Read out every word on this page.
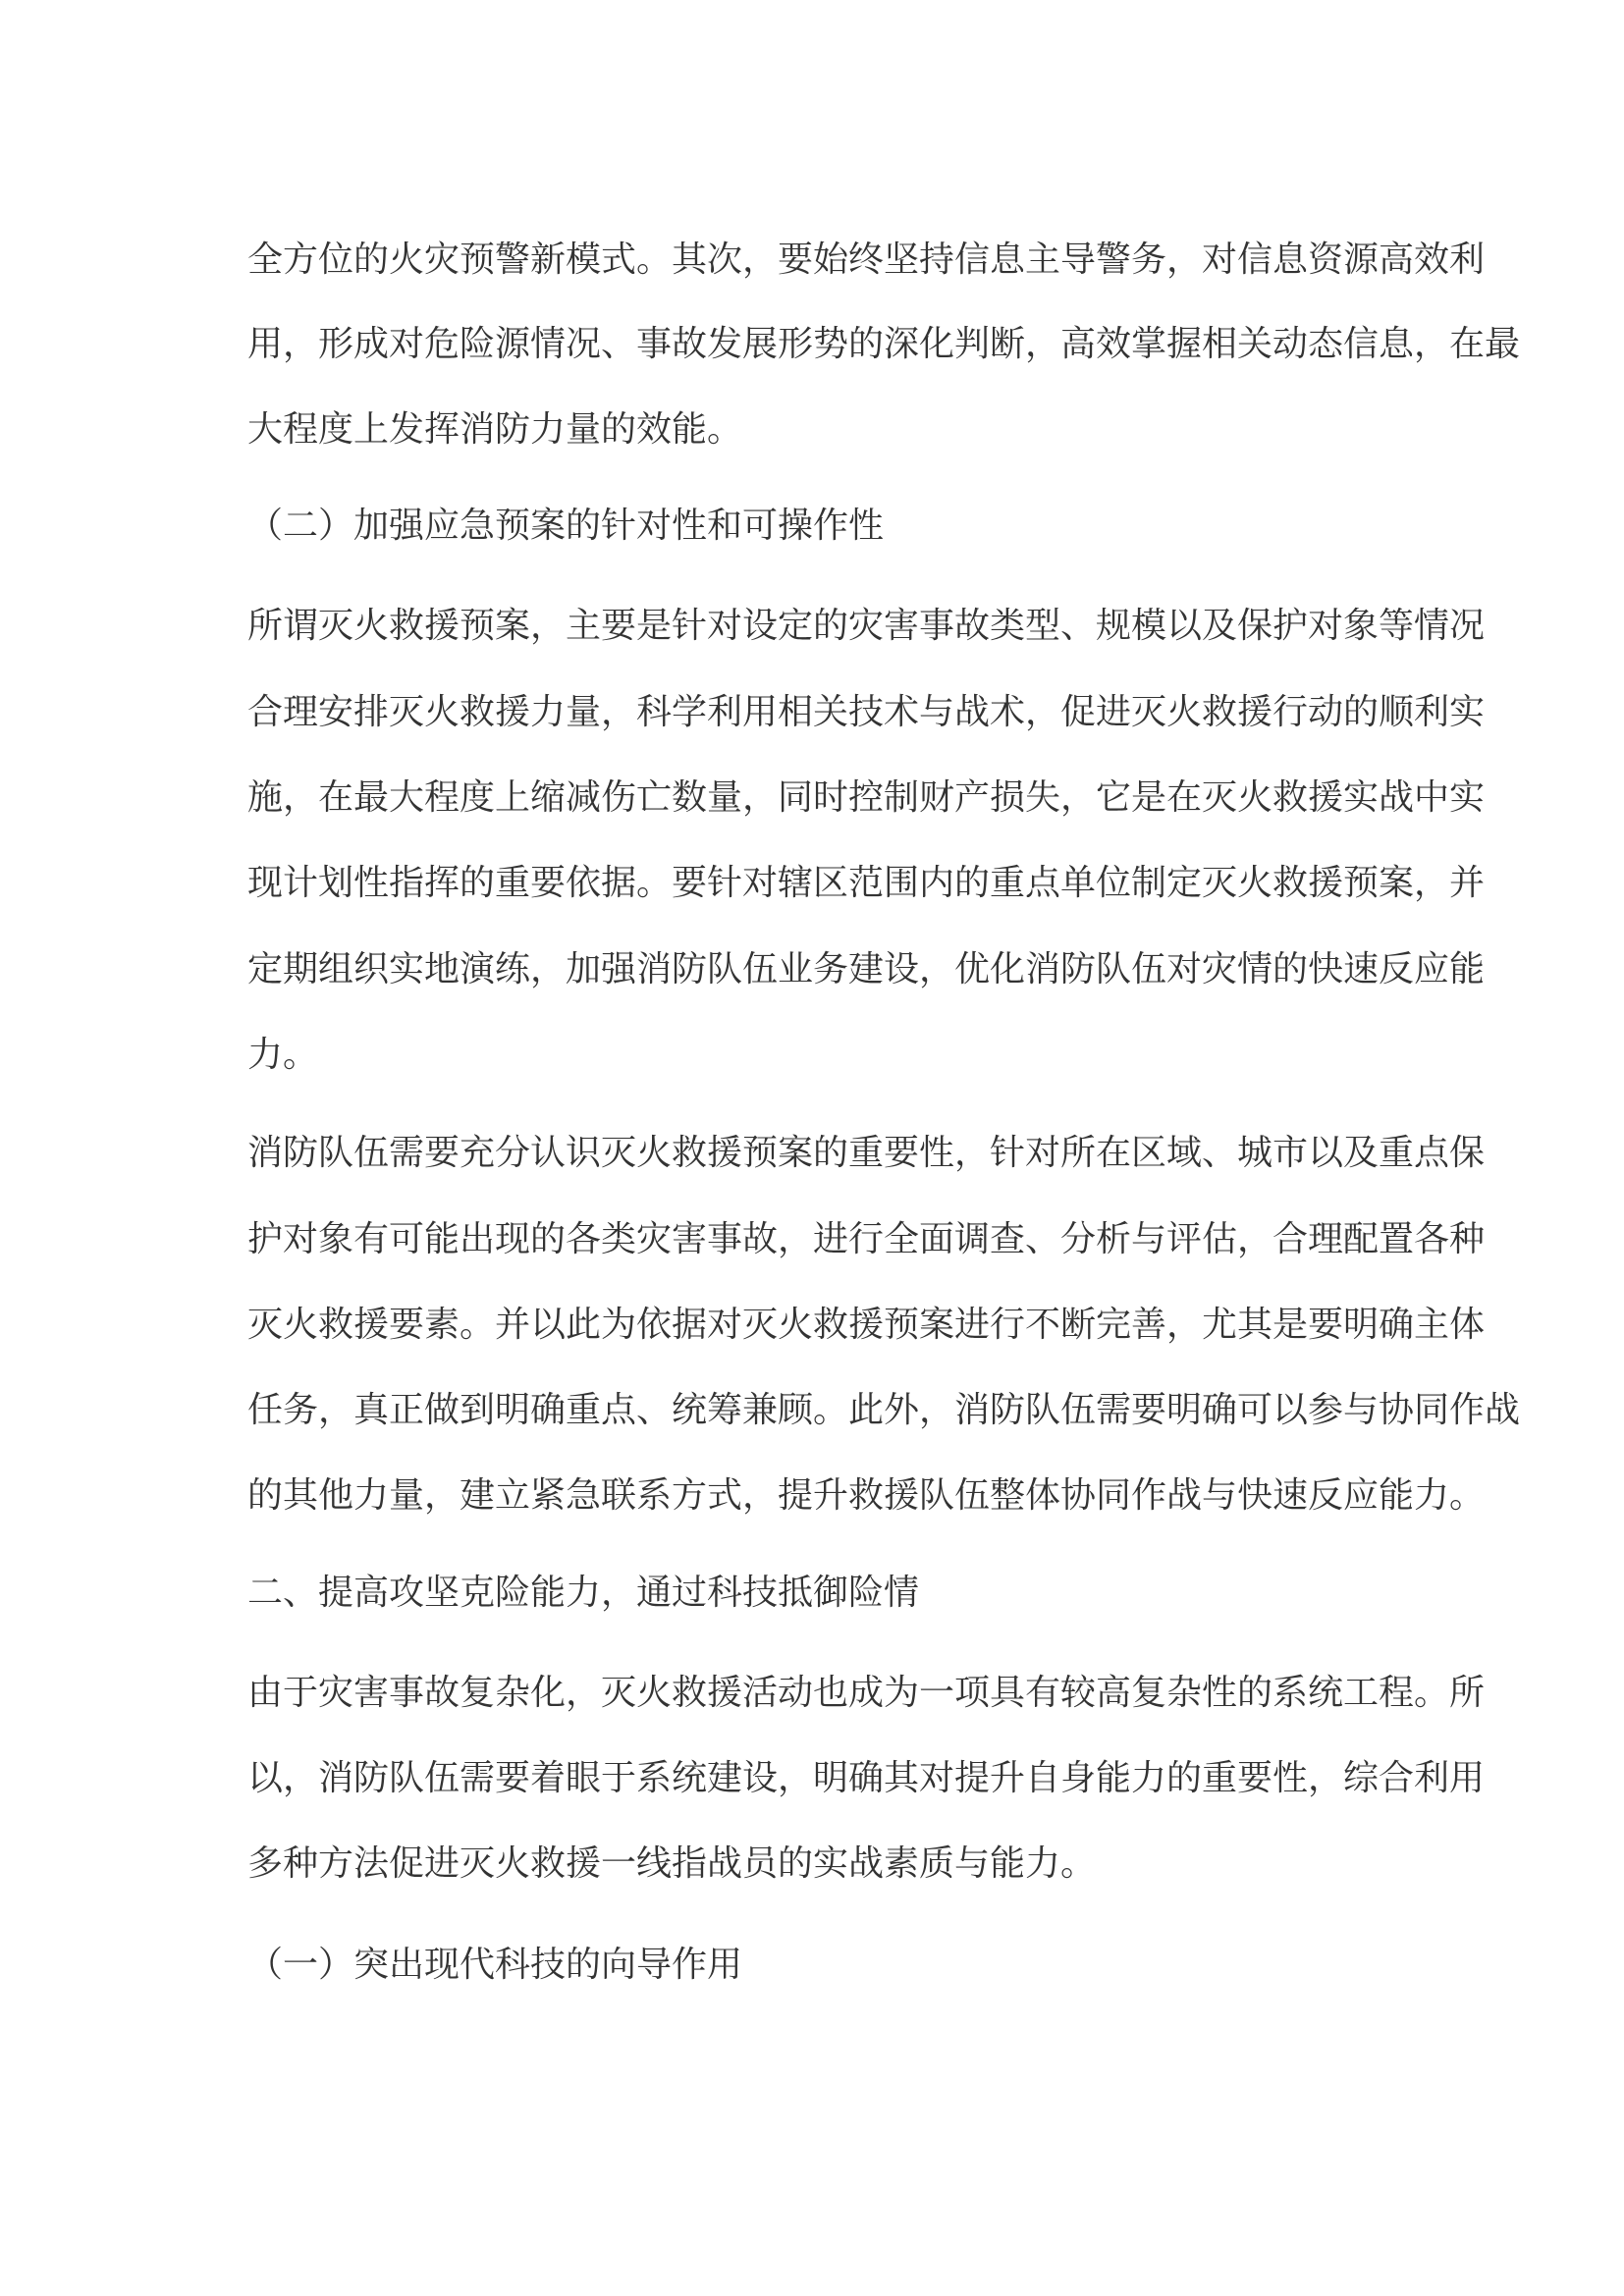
全方位的火灾预警新模式。其次，要始终坚持信息主导警务，对信息资源高效利
用，形成对危险源情况、事故发展形势的深化判断，高效掌握相关动态信息，在最
大程度上发挥消防力量的效能。
（二）加强应急预案的针对性和可操作性
所谓灭火救援预案，主要是针对设定的灾害事故类型、规模以及保护对象等情况
合理安排灭火救援力量，科学利用相关技术与战术，促进灭火救援行动的顺利实
施，在最大程度上缩减伤亡数量，同时控制财产损失，它是在灭火救援实战中实
现计划性指挥的重要依据。要针对辖区范围内的重点单位制定灭火救援预案，并
定期组织实地演练，加强消防队伍业务建设，优化消防队伍对灾情的快速反应能
力。
消防队伍需要充分认识灭火救援预案的重要性，针对所在区域、城市以及重点保
护对象有可能出现的各类灾害事故，进行全面调查、分析与评估，合理配置各种
灭火救援要素。并以此为依据对灭火救援预案进行不断完善，尤其是要明确主体
任务，真正做到明确重点、统筹兼顾。此外，消防队伍需要明确可以参与协同作战
的其他力量，建立紧急联系方式，提升救援队伍整体协同作战与快速反应能力。
二、提高攻坚克险能力，通过科技抵御险情
由于灾害事故复杂化，灭火救援活动也成为一项具有较高复杂性的系统工程。所
以，消防队伍需要着眼于系统建设，明确其对提升自身能力的重要性，综合利用
多种方法促进灭火救援一线指战员的实战素质与能力。
（一）突出现代科技的向导作用
